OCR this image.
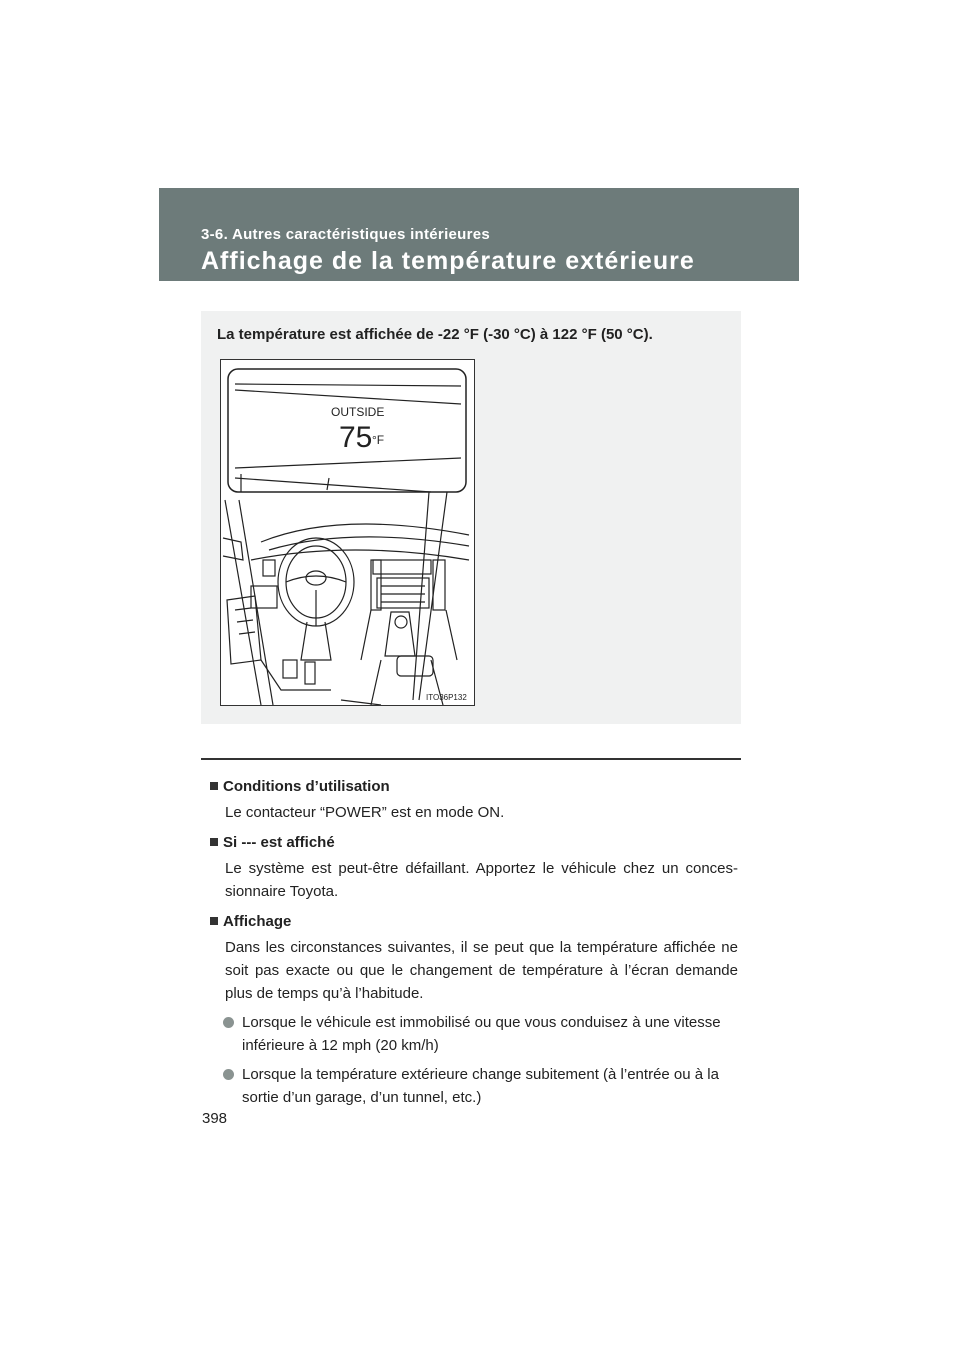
3-6. Autres caractéristiques intérieures
Affichage de la température extérieure
La température est affichée de -22 °F (-30 °C) à 122 °F (50 °C).
OUTSIDE
75 °F
ITO36P132
Conditions d’utilisation
Le contacteur “POWER” est en mode ON.
Si --- est affiché
Le système est peut-être défaillant. Apportez le véhicule chez un conces-sionnaire Toyota.
Affichage
Dans les circonstances suivantes, il se peut que la température affichée ne soit pas exacte ou que le changement de température à l’écran demande plus de temps qu’à l’habitude.
Lorsque le véhicule est immobilisé ou que vous conduisez à une vitesse inférieure à 12 mph (20 km/h)
Lorsque la température extérieure change subitement (à l’entrée ou à la sortie d’un garage, d’un tunnel, etc.)
398
